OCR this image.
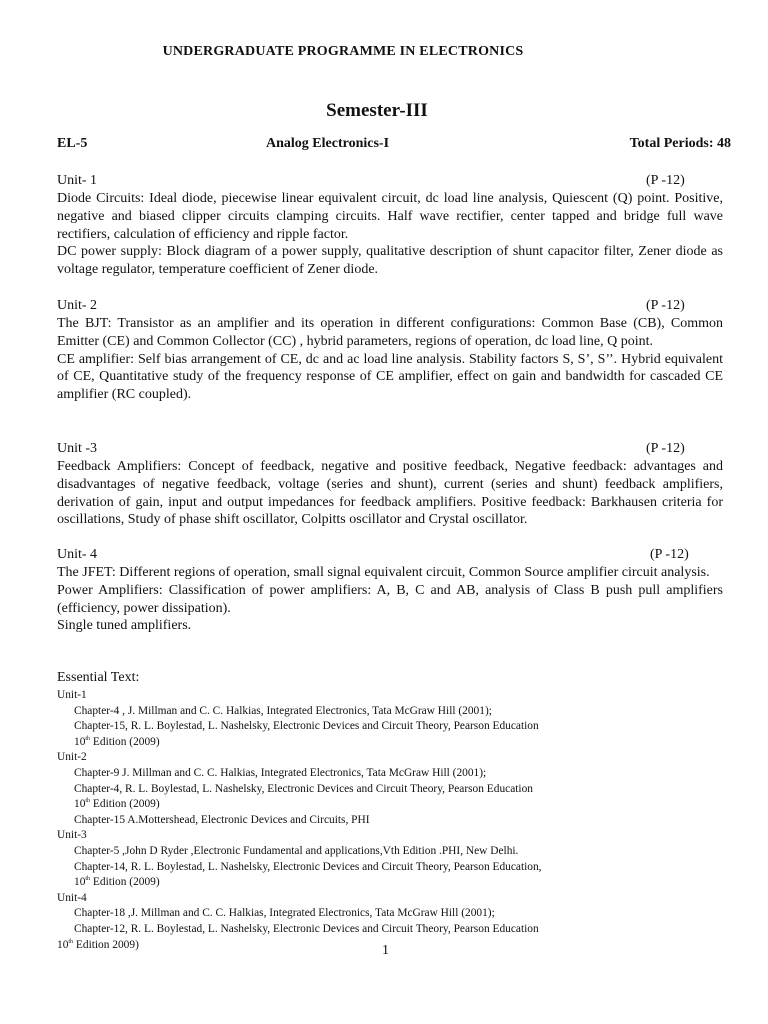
UNDERGRADUATE PROGRAMME IN ELECTRONICS
Semester-III
EL-5	Analog Electronics-I	Total Periods: 48
Unit- 1	(P -12)

Diode Circuits: Ideal diode, piecewise linear equivalent circuit, dc load line analysis, Quiescent (Q) point. Positive, negative and biased clipper circuits clamping circuits. Half wave rectifier, center tapped and bridge full wave rectifiers, calculation of efficiency and ripple factor.

DC power supply: Block diagram of a power supply, qualitative description of shunt capacitor filter, Zener diode as voltage regulator, temperature coefficient of Zener diode.

Unit- 2	(P -12)

The BJT: Transistor as an amplifier and its operation in different configurations: Common Base (CB), Common Emitter (CE) and Common Collector (CC) , hybrid parameters, regions of operation, dc load line, Q point.

CE amplifier: Self bias arrangement of CE, dc and ac load line analysis. Stability factors S, S’, S’’. Hybrid equivalent of CE, Quantitative study of the frequency response of CE amplifier, effect on gain and bandwidth for cascaded CE amplifier (RC coupled).

Unit -3	(P -12)

Feedback Amplifiers: Concept of feedback, negative and positive feedback, Negative feedback: advantages and disadvantages of negative feedback, voltage (series and shunt), current (series and shunt) feedback amplifiers, derivation of gain, input and output impedances for feedback amplifiers. Positive feedback: Barkhausen criteria for oscillations, Study of phase shift oscillator, Colpitts oscillator and Crystal oscillator.

Unit- 4	(P -12)

The JFET: Different regions of operation, small signal equivalent circuit, Common Source amplifier circuit analysis.

Power Amplifiers: Classification of power amplifiers: A, B, C and AB, analysis of Class B push pull amplifiers (efficiency, power dissipation).

Single tuned amplifiers.

Essential Text:

Unit-1

Chapter-4 , J. Millman and C. C. Halkias, Integrated Electronics, Tata McGraw Hill (2001);

Chapter-15, R. L. Boylestad, L. Nashelsky, Electronic Devices and Circuit Theory, Pearson Education

10th Edition (2009)

Unit-2

Chapter-9 J. Millman and C. C. Halkias, Integrated Electronics, Tata McGraw Hill (2001);

Chapter-4, R. L. Boylestad, L. Nashelsky, Electronic Devices and Circuit Theory, Pearson Education

10th Edition (2009)

Chapter-15 A.Mottershead, Electronic Devices and Circuits, PHI

Unit-3

Chapter-5 ,John D Ryder ,Electronic Fundamental and applications,Vth Edition .PHI, New Delhi.

Chapter-14, R. L. Boylestad, L. Nashelsky, Electronic Devices and Circuit Theory, Pearson Education,

10th Edition (2009)

Unit-4

Chapter-18 ,J. Millman and C. C. Halkias, Integrated Electronics, Tata McGraw Hill (2001);

Chapter-12, R. L. Boylestad, L. Nashelsky, Electronic Devices and Circuit Theory, Pearson Education

10th Edition 2009)	1
